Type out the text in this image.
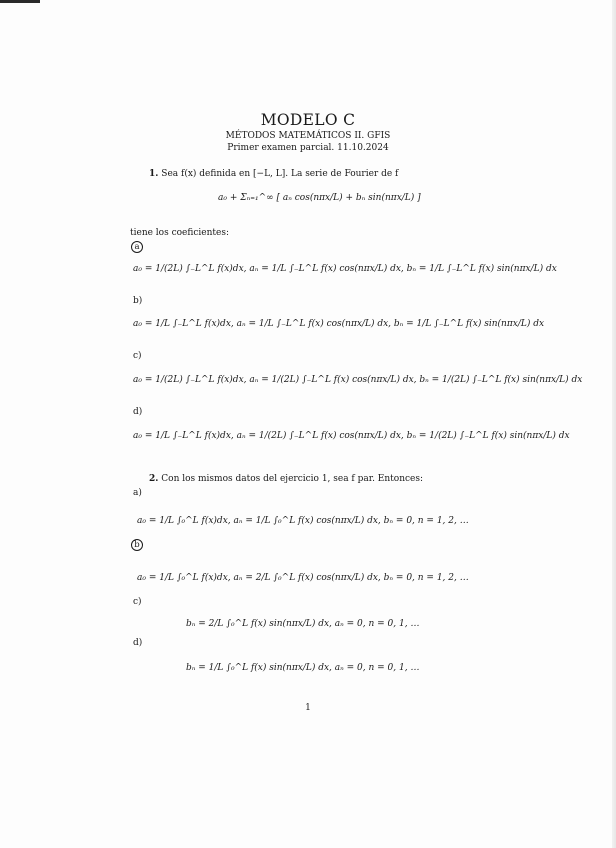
MODELO C
MÉTODOS MATEMÁTICOS II. GFIS
Primer examen parcial. 11.10.2024
1. Sea f(x) definida en [−L, L]. La serie de Fourier de f
a₀ + Σₙ₌₁^∞ [ aₙ cos(nπx/L) + bₙ sin(nπx/L) ]
tiene los coeficientes:
a
a₀ = 1/(2L) ∫₋L^L f(x)dx, aₙ = 1/L ∫₋L^L f(x) cos(nπx/L) dx, bₙ = 1/L ∫₋L^L f(x) sin(nπx/L) dx
b)
a₀ = 1/L ∫₋L^L f(x)dx, aₙ = 1/L ∫₋L^L f(x) cos(nπx/L) dx, bₙ = 1/L ∫₋L^L f(x) sin(nπx/L) dx
c)
a₀ = 1/(2L) ∫₋L^L f(x)dx, aₙ = 1/(2L) ∫₋L^L f(x) cos(nπx/L) dx, bₙ = 1/(2L) ∫₋L^L f(x) sin(nπx/L) dx
d)
a₀ = 1/L ∫₋L^L f(x)dx, aₙ = 1/(2L) ∫₋L^L f(x) cos(nπx/L) dx, bₙ = 1/(2L) ∫₋L^L f(x) sin(nπx/L) dx
2. Con los mismos datos del ejercicio 1, sea f par. Entonces:
a)
a₀ = 1/L ∫₀^L f(x)dx, aₙ = 1/L ∫₀^L f(x) cos(nπx/L) dx, bₙ = 0, n = 1, 2, …
b
a₀ = 1/L ∫₀^L f(x)dx, aₙ = 2/L ∫₀^L f(x) cos(nπx/L) dx, bₙ = 0, n = 1, 2, …
c)
bₙ = 2/L ∫₀^L f(x) sin(nπx/L) dx, aₙ = 0, n = 0, 1, …
d)
bₙ = 1/L ∫₀^L f(x) sin(nπx/L) dx, aₙ = 0, n = 0, 1, …
1
